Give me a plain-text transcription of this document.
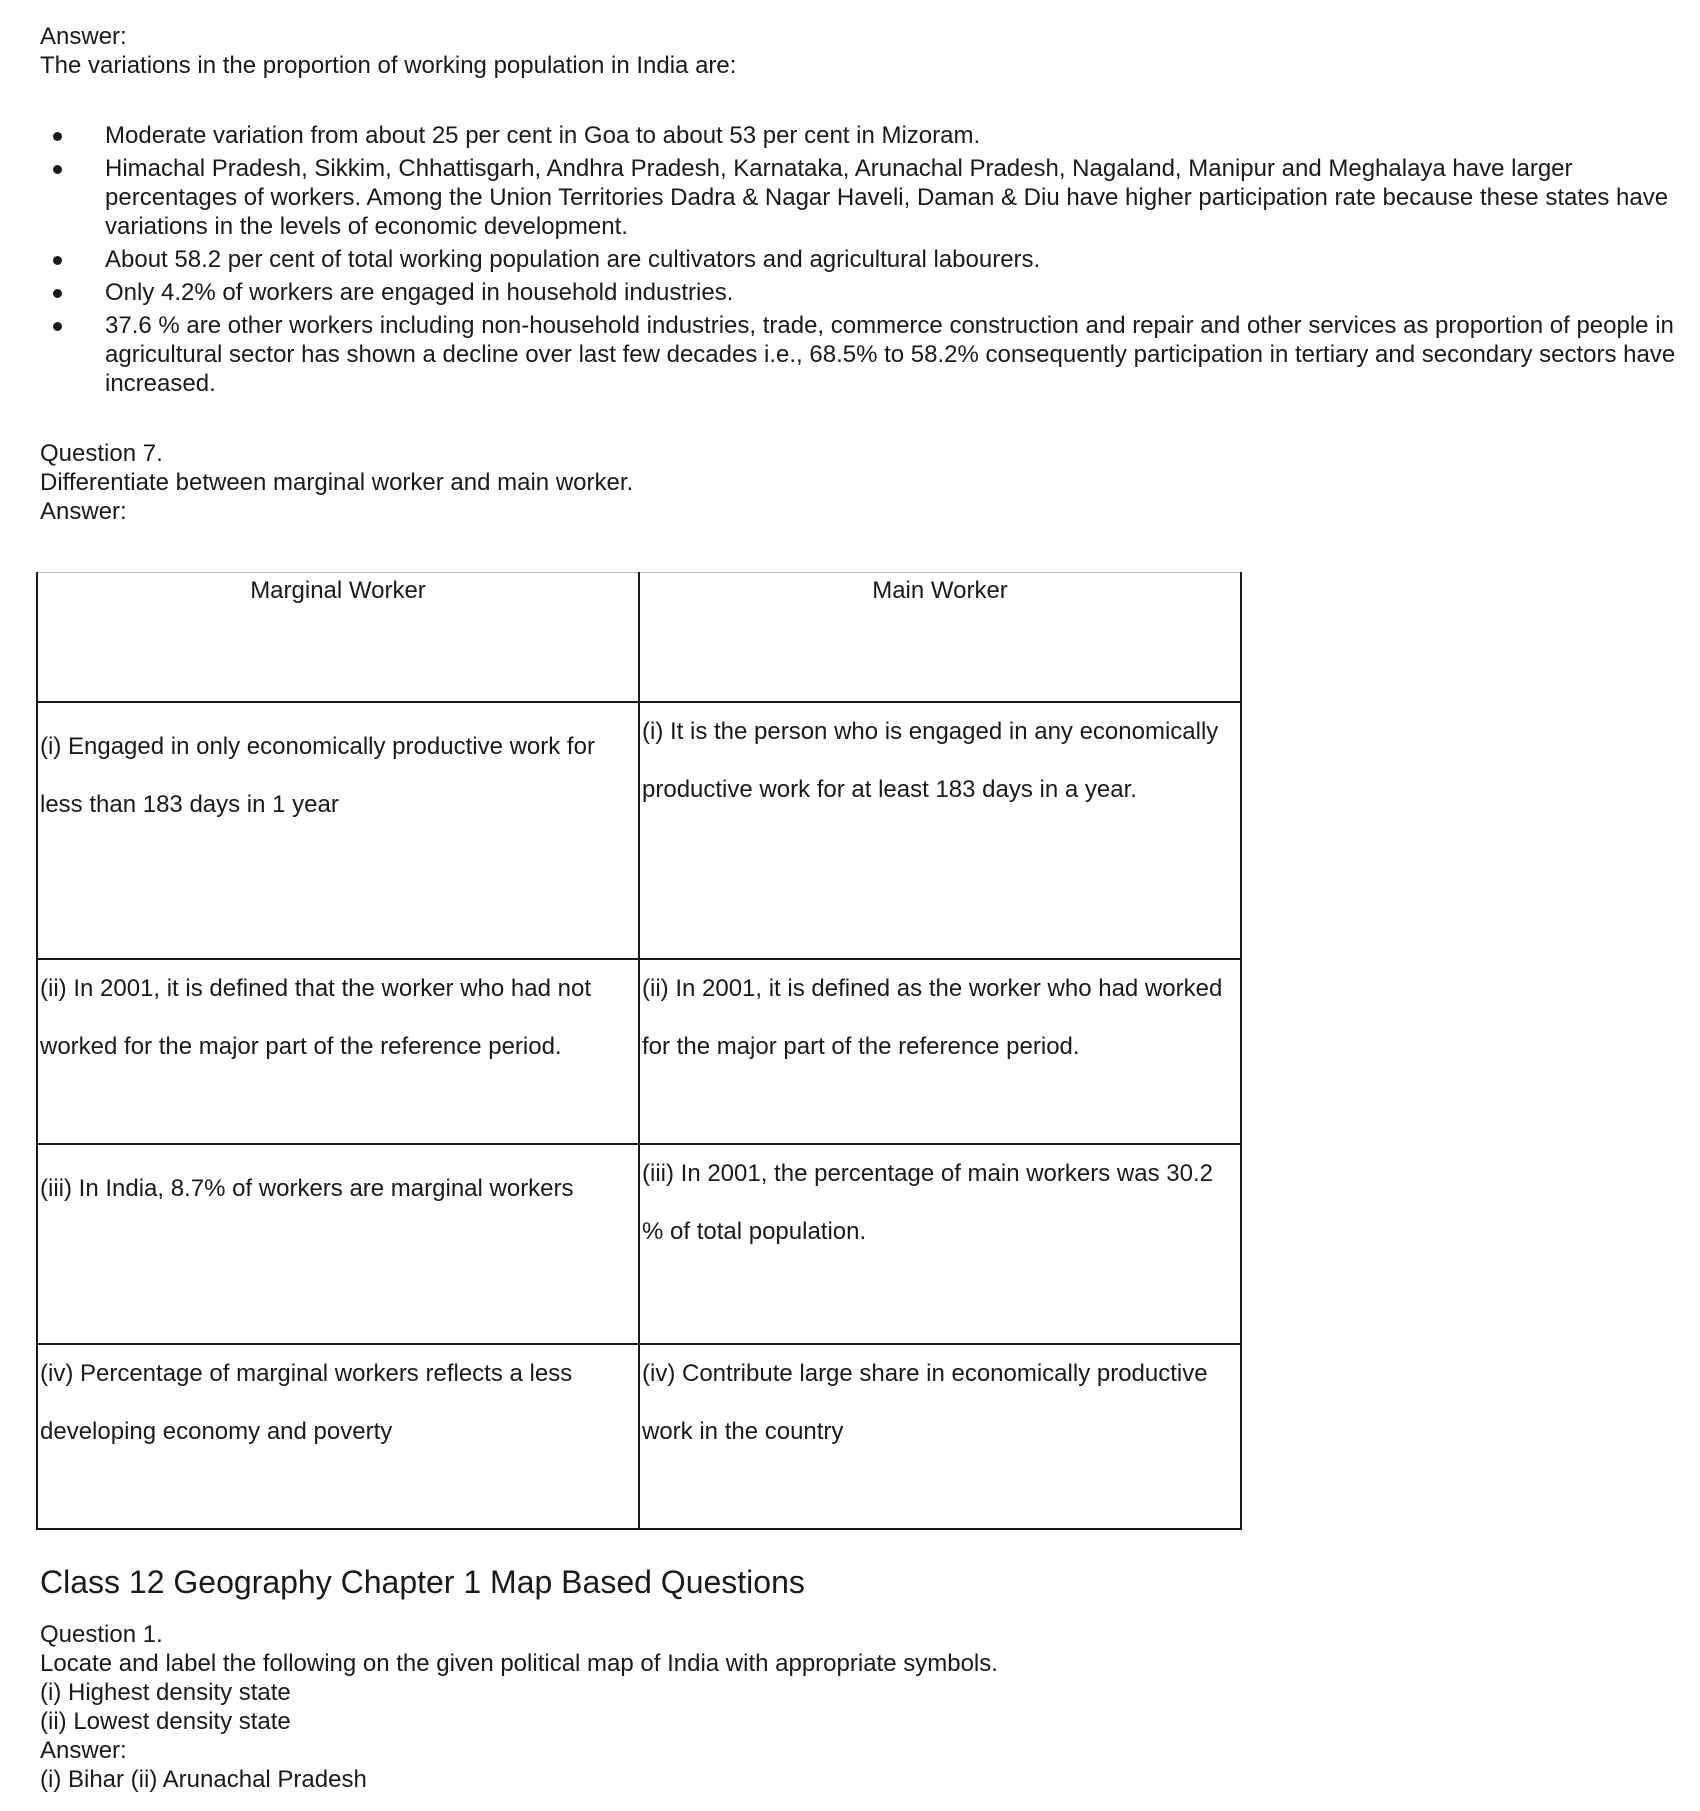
Answer:

The variations in the proportion of working population in India are:

Moderate variation from about 25 per cent in Goa to about 53 per cent in Mizoram.
Himachal Pradesh, Sikkim, Chhattisgarh, Andhra Pradesh, Karnataka, Arunachal Pradesh, Nagaland, Manipur and Meghalaya have larger percentages of workers. Among the Union Territories Dadra & Nagar Haveli, Daman & Diu have higher participation rate because these states have variations in the levels of economic development.
About 58.2 per cent of total working population are cultivators and agricultural labourers.
Only 4.2% of workers are engaged in household industries.
37.6 % are other workers including non-household industries, trade, commerce construction and repair and other services as proportion of people in agricultural sector has shown a decline over last few decades i.e., 68.5% to 58.2% consequently participation in tertiary and secondary sectors have increased.

Question 7.

Differentiate between marginal worker and main worker.

Answer:

Marginal Worker	Main Worker
(i) Engaged in only economically productive work for less than 183 days in 1 year	(i) It is the person who is engaged in any economically productive work for at least 183 days in a year.
(ii) In 2001, it is defined that the worker who had not worked for the major part of the reference period.	(ii) In 2001, it is defined as the worker who had worked for the major part of the reference period.
(iii) In India, 8.7% of workers are marginal workers	(iii) In 2001, the percentage of main workers was 30.2 % of total population.
(iv) Percentage of marginal workers reflects a less developing economy and poverty	(iv) Contribute large share in economically productive work in the country
Class 12 Geography Chapter 1 Map Based Questions

Question 1.

Locate and label the following on the given political map of India with appropriate symbols.

(i) Highest density state

(ii) Lowest density state

Answer:

(i) Bihar (ii) Arunachal Pradesh
